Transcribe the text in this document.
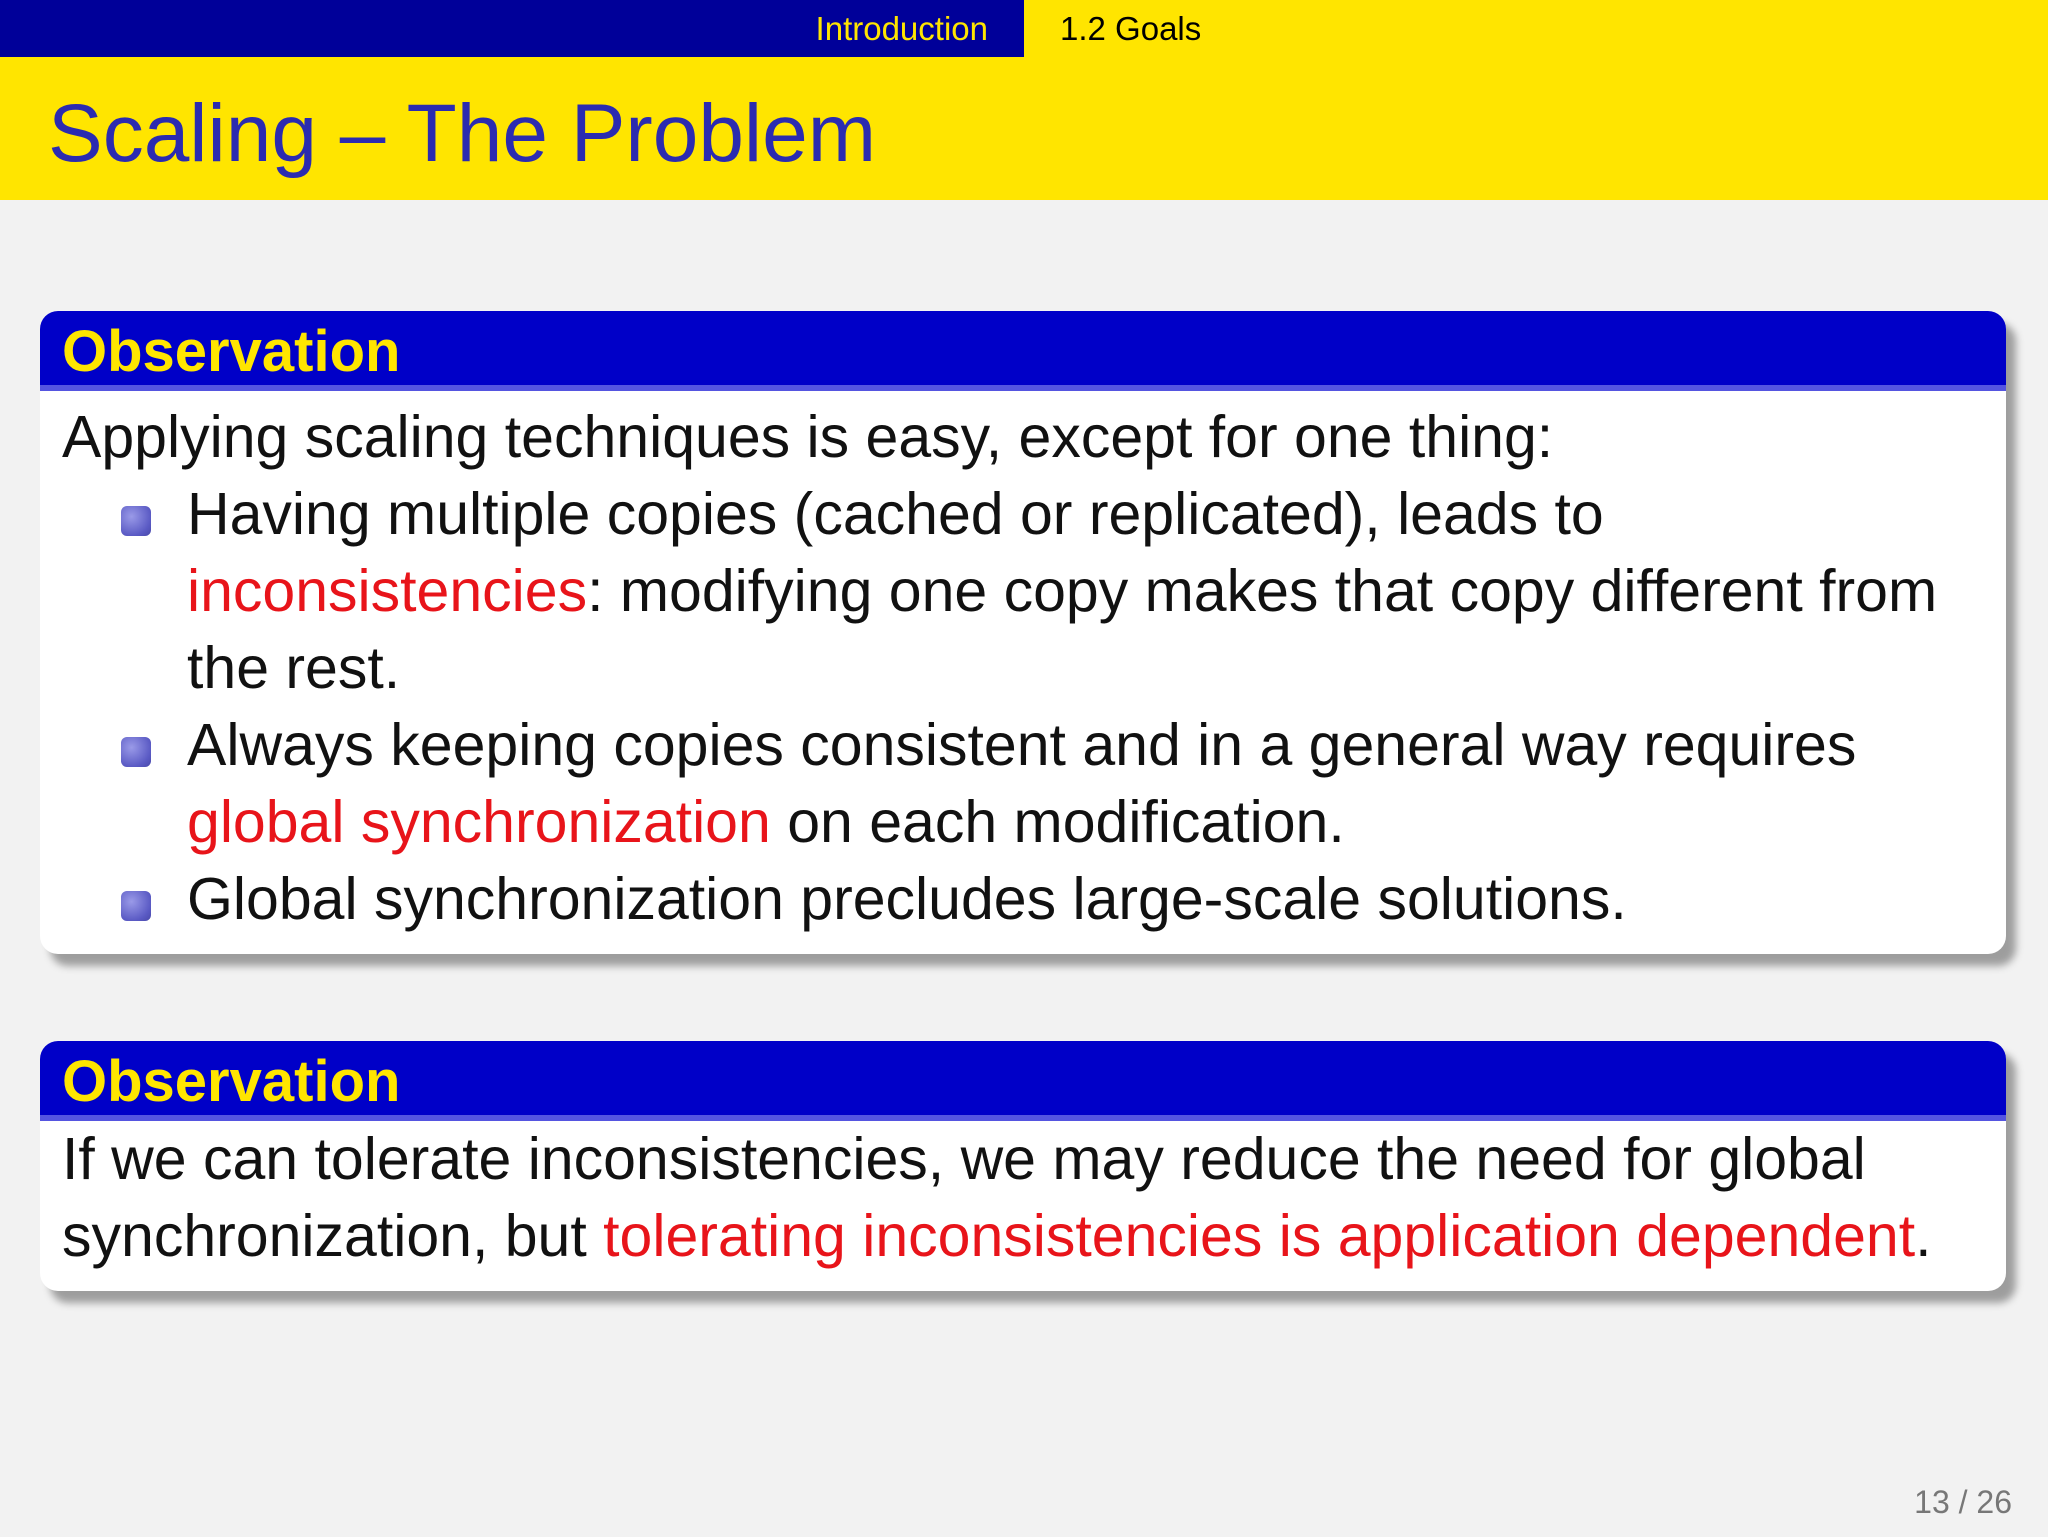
Introduction 1.2 Goals
Scaling – The Problem
Observation
Applying scaling techniques is easy, except for one thing:
Having multiple copies (cached or replicated), leads to inconsistencies: modifying one copy makes that copy different from the rest.
Always keeping copies consistent and in a general way requires global synchronization on each modification.
Global synchronization precludes large-scale solutions.
Observation
If we can tolerate inconsistencies, we may reduce the need for global synchronization, but tolerating inconsistencies is application dependent.
13 / 26
